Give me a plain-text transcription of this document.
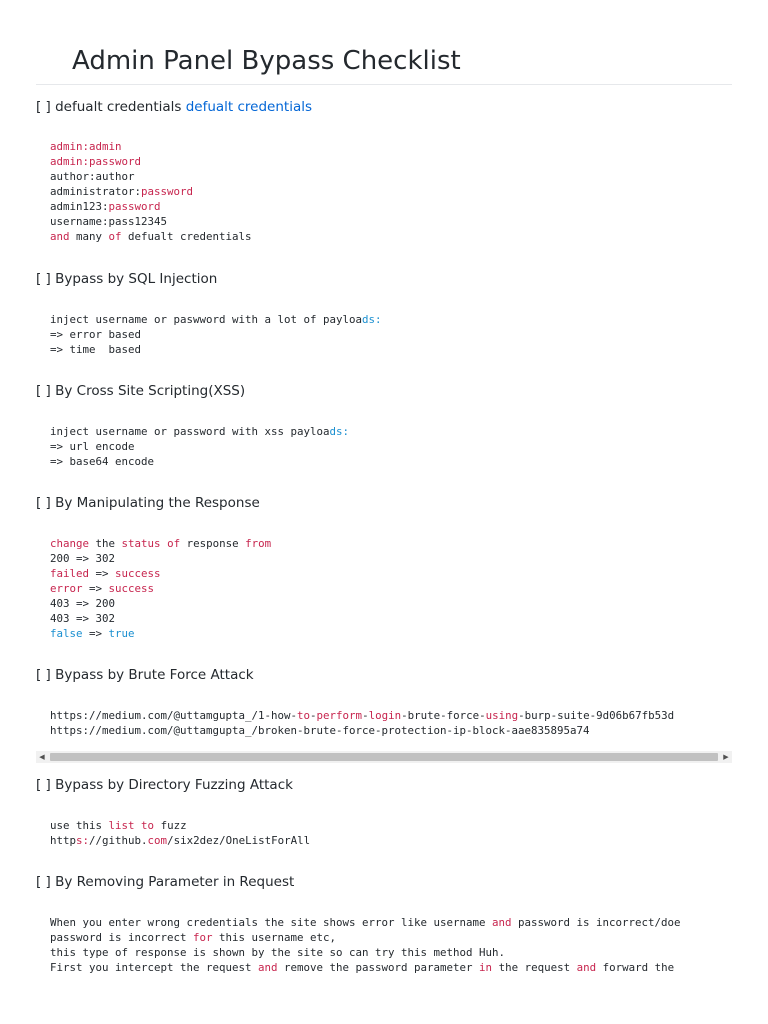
Admin Panel Bypass Checklist
[ ] defualt credentials defualt credentials
admin:admin
admin:password
author:author
administrator:password
admin123:password
username:pass12345
and many of defualt credentials
[ ] Bypass by SQL Injection
inject username or paswword with a lot of payloads:
=> error based
=> time  based
[ ] By Cross Site Scripting(XSS)
inject username or password with xss payloads:
=> url encode
=> base64 encode
[ ] By Manipulating the Response
change the status of response from
200 => 302
failed => success
error => success
403 => 200
403 => 302
false => true
[ ] Bypass by Brute Force Attack
https://medium.com/@uttamgupta_/1-how-to-perform-login-brute-force-using-burp-suite-9d06b67fb53d
https://medium.com/@uttamgupta_/broken-brute-force-protection-ip-block-aae835895a74
◀	▶
[ ] Bypass by Directory Fuzzing Attack
use this list to fuzz
https://github.com/six2dez/OneListForAll
[ ] By Removing Parameter in Request
When you enter wrong credentials the site shows error like username and password is incorrect/doe
password is incorrect for this username etc,
this type of response is shown by the site so can try this method Huh.
First you intercept the request and remove the password parameter in the request and forward the
